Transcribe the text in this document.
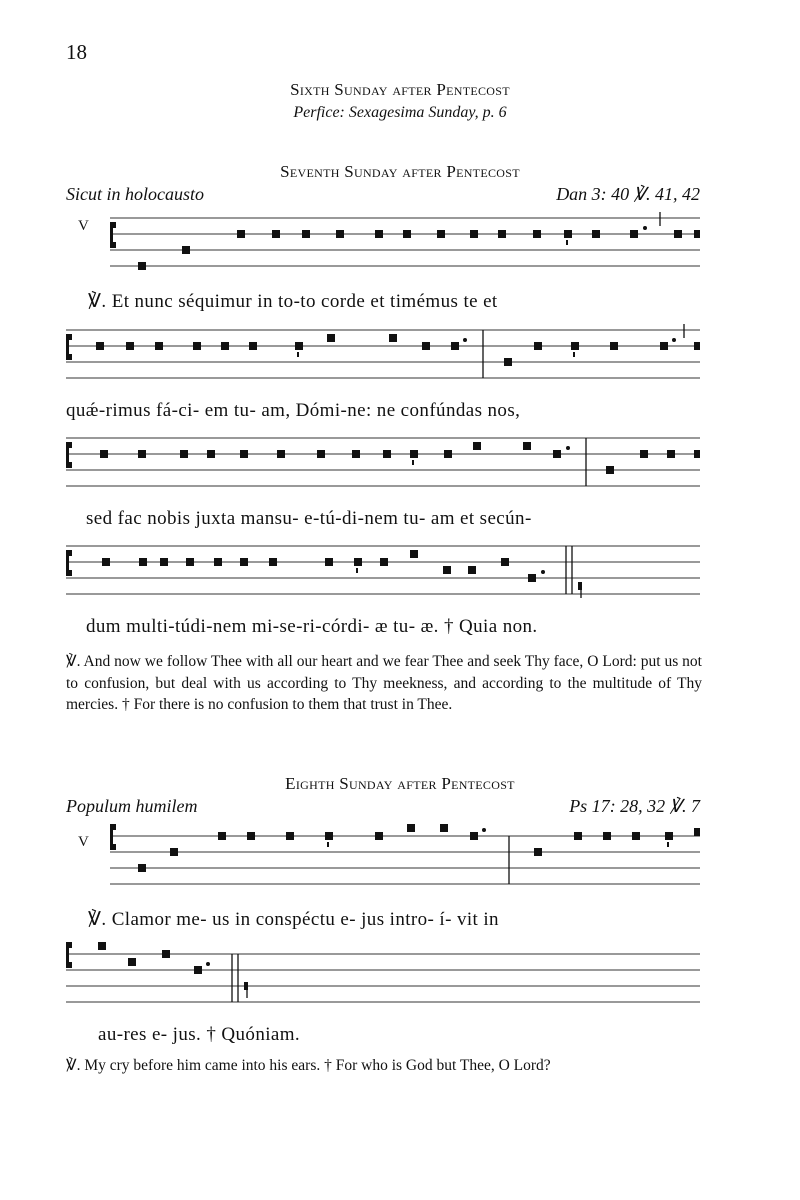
18
Sixth Sunday after Pentecost
Perfice: Sexagesima Sunday, p. 6
Seventh Sunday after Pentecost
Sicut in holocausto	Dan 3: 40 ℣. 41, 42
V
℣. Et nunc séquimur in to-to corde et timémus te et
quǽ-rimus fá-ci- em tu- am, Dómi-ne: ne confúndas nos,
sed fac nobis juxta mansu- e-tú-di-nem tu- am et secún-
dum multi-túdi-nem mi-se-ri-córdi- æ tu- æ. † Quia non.
℣. And now we follow Thee with all our heart and we fear Thee and seek Thy face, O Lord: put us not to confusion, but deal with us according to Thy meekness, and according to the multitude of Thy mercies. † For there is no confusion to them that trust in Thee.
Eighth Sunday after Pentecost
Populum humilem	Ps 17: 28, 32 ℣. 7
V
℣. Clamor me- us in conspéctu e- jus intro- í- vit in
au-res e- jus. † Quóniam.
℣. My cry before him came into his ears. † For who is God but Thee, O Lord?
